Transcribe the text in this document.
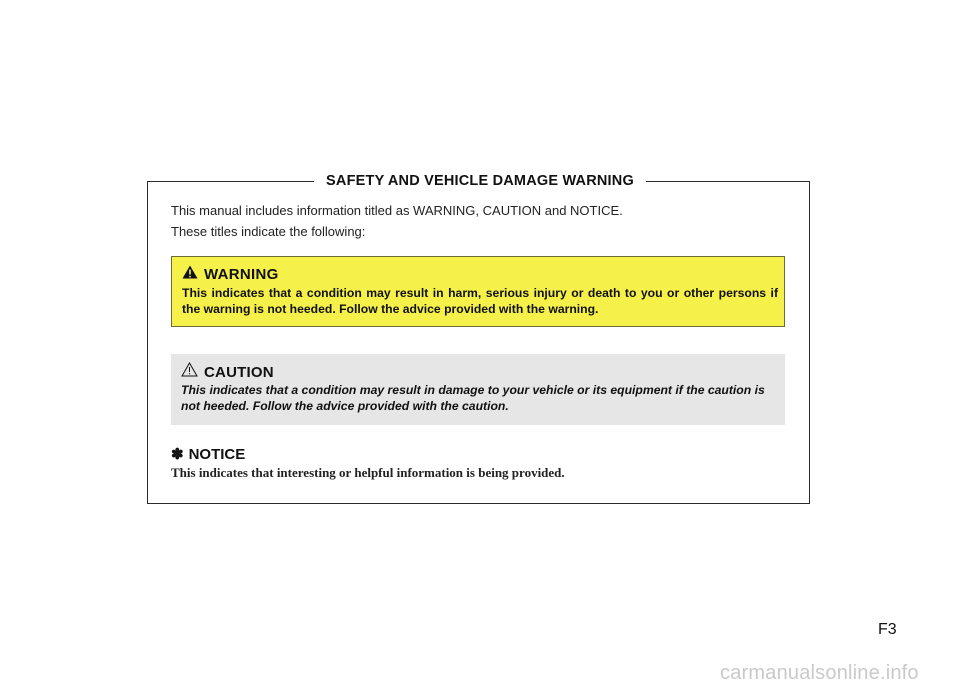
SAFETY AND VEHICLE DAMAGE WARNING
This manual includes information titled as WARNING, CAUTION and NOTICE.
These titles indicate the following:
WARNING
This indicates that a condition may result in harm, serious injury or death to you or other persons if the warning is not heeded. Follow the advice provided with the warning.
CAUTION
This indicates that a condition may result in damage to your vehicle or its equipment if the caution is not heeded. Follow the advice provided with the caution.
✽ NOTICE
This indicates that interesting or helpful information is being provided.
F3
carmanualsonline.info
